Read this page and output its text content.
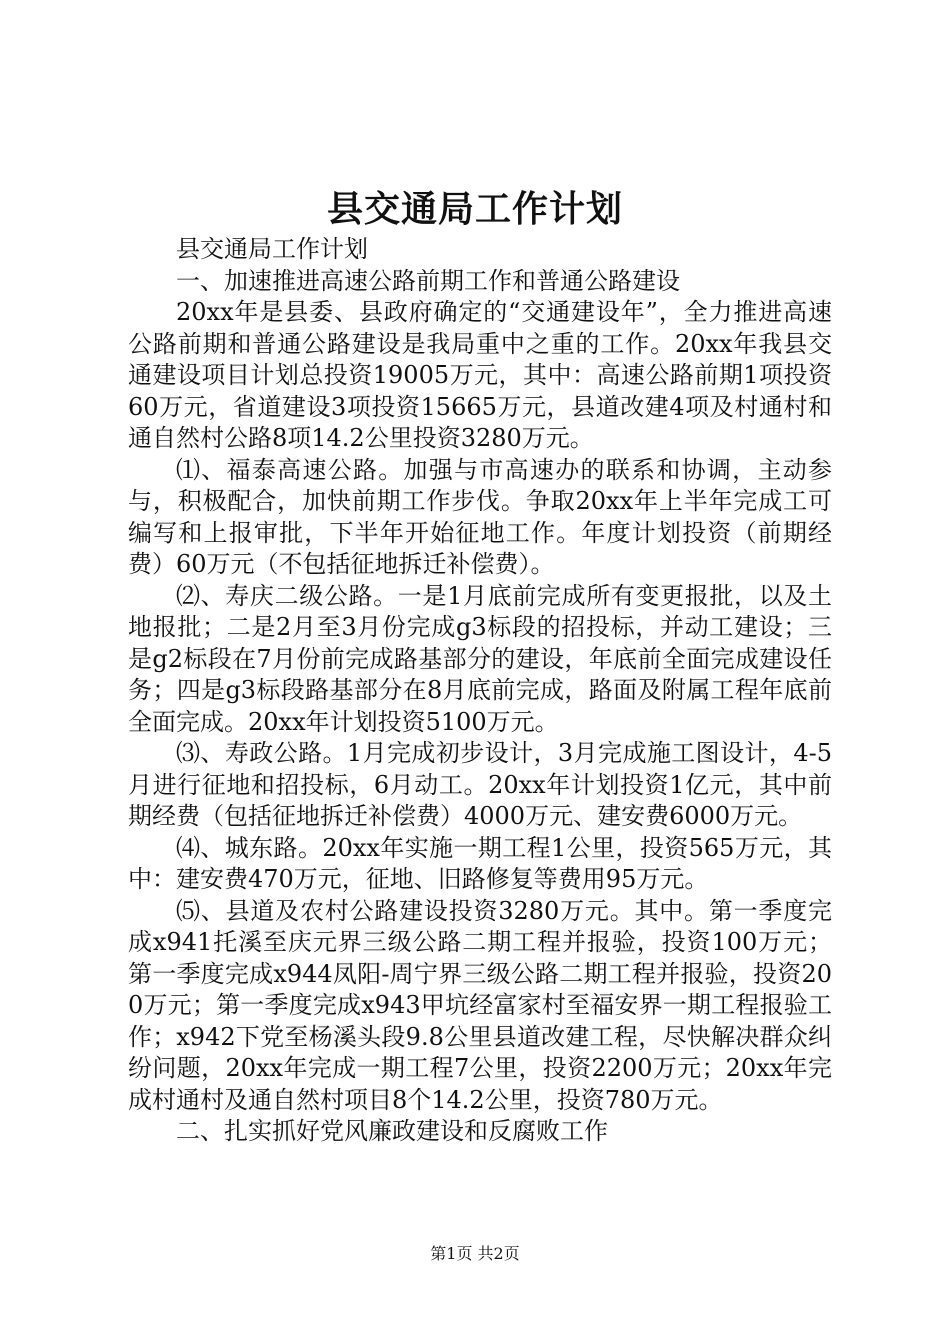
县交通局工作计划

县交通局工作计划

一、加速推进高速公路前期工作和普通公路建设

20xx年是县委、县政府确定的“交通建设年”，全力推进高速公路前期和普通公路建设是我局重中之重的工作。20xx年我县交通建设项目计划总投资19005万元，其中：高速公路前期1项投资60万元，省道建设3项投资15665万元，县道改建4项及村通村和通自然村公路8项14.2公里投资3280万元。

⑴、福泰高速公路。加强与市高速办的联系和协调，主动参与，积极配合，加快前期工作步伐。争取20xx年上半年完成工可编写和上报审批，下半年开始征地工作。年度计划投资（前期经费）60万元（不包括征地拆迁补偿费）。

⑵、寿庆二级公路。一是1月底前完成所有变更报批，以及土地报批；二是2月至3月份完成g3标段的招投标，并动工建设；三是g2标段在7月份前完成路基部分的建设，年底前全面完成建设任务；四是g3标段路基部分在8月底前完成，路面及附属工程年底前全面完成。20xx年计划投资5100万元。

⑶、寿政公路。1月完成初步设计，3月完成施工图设计，4-5月进行征地和招投标，6月动工。20xx年计划投资1亿元，其中前期经费（包括征地拆迁补偿费）4000万元、建安费6000万元。

⑷、城东路。20xx年实施一期工程1公里，投资565万元，其中：建安费470万元，征地、旧路修复等费用95万元。

⑸、县道及农村公路建设投资3280万元。其中。第一季度完成x941托溪至庆元界三级公路二期工程并报验，投资100万元；第一季度完成x944凤阳-周宁界三级公路二期工程并报验，投资200万元；第一季度完成x943甲坑经富家村至福安界一期工程报验工作；x942下党至杨溪头段9.8公里县道改建工程，尽快解决群众纠纷问题，20xx年完成一期工程7公里，投资2200万元；20xx年完成村通村及通自然村项目8个14.2公里，投资780万元。

二、扎实抓好党风廉政建设和反腐败工作

第1页 共2页
